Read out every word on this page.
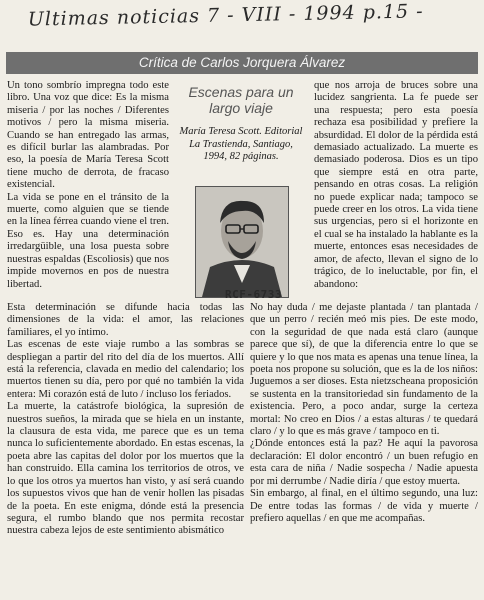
Ultimas noticias 7 - VIII - 1994 p.15 -
Crítica de Carlos Jorquera Álvarez

Un tono sombrío impregna todo este libro. Una voz que dice: Es la misma miseria / por las noches / Diferentes motivos / pero la misma miseria. Cuando se han entregado las armas, es difícil burlar las alambradas. Por eso, la poesía de María Teresa Scott tiene mucho de derrota, de fracaso existencial.

La vida se pone en el tránsito de la muerte, como alguien que se tiende en la línea férrea cuando viene el tren. Eso es. Hay una determinación irredargüible, una losa puesta sobre nuestras espaldas (Escoliosis) que nos impide movernos en pos de nuestra libertad.

Escenas para un largo viaje
María Teresa Scott. Editorial
La Trastienda, Santiago,
1994, 82 páginas.
RCF-6733

que nos arroja de bruces sobre una lucidez sangrienta. La fe puede ser una respuesta; pero esta poesía rechaza esa posibilidad y prefiere la absurdidad. El dolor de la pérdida está demasiado actualizado. La muerte es demasiado poderosa. Dios es un tipo que siempre está en otra parte, pensando en otras cosas. La religión no puede explicar nada; tampoco se puede creer en los otros. La vida tiene sus urgencias, pero si el horizonte en el cual se ha instalado la hablante es la muerte, entonces esas necesidades de amor, de afecto, llevan el signo de lo trágico, de lo ineluctable, por fin, el abandono:

Esta determinación se difunde hacia todas las dimensiones de la vida: el amor, las relaciones familiares, el yo íntimo.

Las escenas de este viaje rumbo a las sombras se despliegan a partir del rito del día de los muertos. Allí está la referencia, clavada en medio del calendario; los muertos tienen su día, pero por qué no también la vida entera: Mi corazón está de luto / incluso los feriados.

La muerte, la catástrofe biológica, la supresión de nuestros sueños, la mirada que se hiela en un instante, la clausura de esta vida, me parece que es un tema nunca lo suficientemente abordado. En estas escenas, la poeta abre las capitas del dolor por los muertos que la han construido. Ella camina los territorios de otros, ve lo que los otros ya muertos han visto, y así será cuando los supuestos vivos que han de venir hollen las pisadas de la poeta. En este enigma, dónde está la presencia segura, el rumbo blando que nos permita recostar nuestra cabeza lejos de este sentimiento abismático

No hay duda / me dejaste plantada / tan plantada / que un perro / recién meó mis pies. De este modo, con la seguridad de que nada está claro (aunque parece que sí), de que la diferencia entre lo que se quiere y lo que nos mata es apenas una tenue línea, la poeta nos propone su solución, que es la de los niños: Juguemos a ser dioses. Esta nietzscheana proposición se sustenta en la transitoriedad sin fundamento de la existencia. Pero, a poco andar, surge la certeza mortal: No creo en Dios / a estas alturas / te quedará claro / y lo que es más grave / tampoco en ti.

¿Dónde entonces está la paz? He aquí la pavorosa declaración: El dolor encontró / un buen refugio en esta cara de niña / Nadie sospecha / Nadie apuesta por mi derrumbe / Nadie diría / que estoy muerta.

Sin embargo, al final, en el último segundo, una luz: De entre todas las formas / de vida y muerte / prefiero aquellas / en que me acompañas.
